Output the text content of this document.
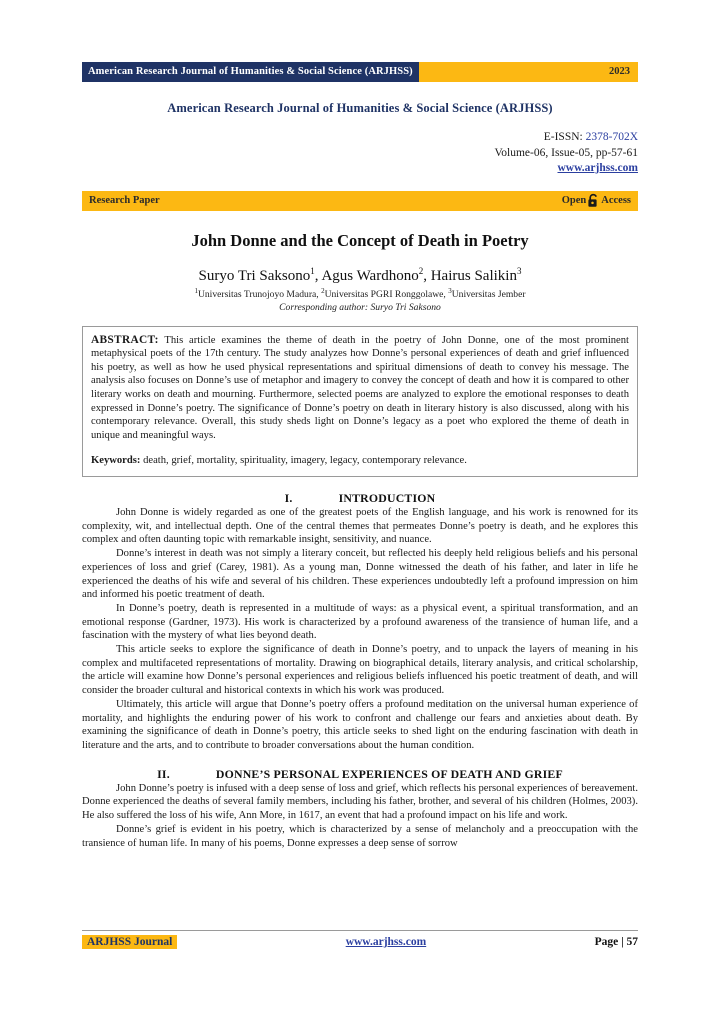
American Research Journal of Humanities & Social Science (ARJHSS)	2023
American Research Journal of Humanities & Social Science (ARJHSS)
E-ISSN: 2378-702X
Volume-06, Issue-05, pp-57-61
www.arjhss.com
Research Paper	Open Access
John Donne and the Concept of Death in Poetry
Suryo Tri Saksono$^1$, Agus Wardhono$^2$, Hairus Salikin$^3$
$^1$Universitas Trunojoyo Madura, $^2$Universitas PGRI Ronggolawe, $^3$Universitas Jember
Corresponding author: Suryo Tri Saksono

ABSTRACT: This article examines the theme of death in the poetry of John Donne, one of the most prominent metaphysical poets of the 17th century. The study analyzes how Donne’s personal experiences of death and grief influenced his poetry, as well as how he used physical representations and spiritual dimensions of death to convey his message. The analysis also focuses on Donne’s use of metaphor and imagery to convey the concept of death and how it is compared to other literary works on death and mourning. Furthermore, selected poems are analyzed to explore the emotional responses to death expressed in Donne’s poetry. The significance of Donne’s poetry on death in literary history is also discussed, along with his contemporary relevance. Overall, this study sheds light on Donne’s legacy as a poet who explored the theme of death in unique and meaningful ways.

Keywords: death, grief, mortality, spirituality, imagery, legacy, contemporary relevance.

I.	INTRODUCTION

John Donne is widely regarded as one of the greatest poets of the English language, and his work is renowned for its complexity, wit, and intellectual depth. One of the central themes that permeates Donne’s poetry is death, and he explores this complex and often daunting topic with remarkable insight, sensitivity, and nuance.

Donne’s interest in death was not simply a literary conceit, but reflected his deeply held religious beliefs and his personal experiences of loss and grief (Carey, 1981). As a young man, Donne witnessed the death of his father, and later in life he experienced the deaths of his wife and several of his children. These experiences undoubtedly left a profound impression on him and informed his poetic treatment of death.

In Donne’s poetry, death is represented in a multitude of ways: as a physical event, a spiritual transformation, and an emotional response (Gardner, 1973). His work is characterized by a profound awareness of the transience of human life, and a fascination with the mystery of what lies beyond death.

This article seeks to explore the significance of death in Donne’s poetry, and to unpack the layers of meaning in his complex and multifaceted representations of mortality. Drawing on biographical details, literary analysis, and critical scholarship, the article will examine how Donne’s personal experiences and religious beliefs influenced his poetic treatment of death, and will consider the broader cultural and historical contexts in which his work was produced.

Ultimately, this article will argue that Donne’s poetry offers a profound meditation on the universal human experience of mortality, and highlights the enduring power of his work to confront and challenge our fears and anxieties about death. By examining the significance of death in Donne’s poetry, this article seeks to shed light on the enduring fascination with death in literature and the arts, and to contribute to broader conversations about the human condition.

II.	DONNE’S PERSONAL EXPERIENCES OF DEATH AND GRIEF

John Donne’s poetry is infused with a deep sense of loss and grief, which reflects his personal experiences of bereavement. Donne experienced the deaths of several family members, including his father, brother, and several of his children (Holmes, 2003). He also suffered the loss of his wife, Ann More, in 1617, an event that had a profound impact on his life and work.

Donne’s grief is evident in his poetry, which is characterized by a sense of melancholy and a preoccupation with the transience of human life. In many of his poems, Donne expresses a deep sense of sorrow

ARJHSS Journal	www.arjhss.com	Page | 57
